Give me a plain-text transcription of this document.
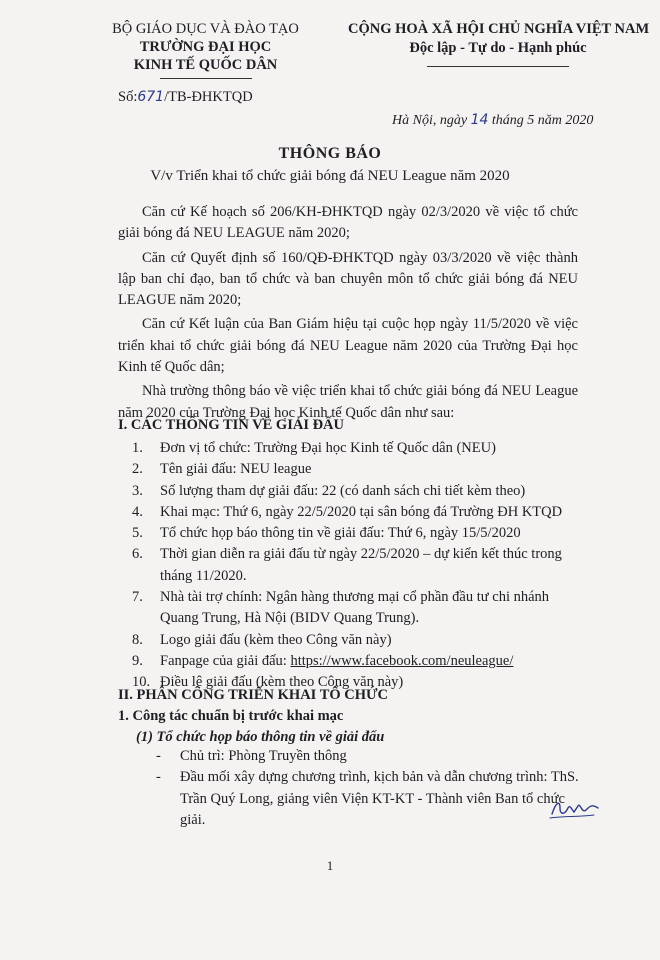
BỘ GIÁO DỤC VÀ ĐÀO TẠO
TRƯỜNG ĐẠI HỌC
KINH TẾ QUỐC DÂN
CỘNG HOÀ XÃ HỘI CHỦ NGHĨA VIỆT NAM
Độc lập - Tự do - Hạnh phúc
Số:671/TB-ĐHKTQD
Hà Nội, ngày 14 tháng 5 năm 2020
THÔNG BÁO
V/v Triển khai tổ chức giải bóng đá NEU League năm 2020

Căn cứ Kế hoạch số 206/KH-ĐHKTQD ngày 02/3/2020 về việc tổ chức giải bóng đá NEU LEAGUE năm 2020;

Căn cứ Quyết định số 160/QĐ-ĐHKTQD ngày 03/3/2020 về việc thành lập ban chỉ đạo, ban tổ chức và ban chuyên môn tổ chức giải bóng đá NEU LEAGUE năm 2020;

Căn cứ Kết luận của Ban Giám hiệu tại cuộc họp ngày 11/5/2020 về việc triển khai tổ chức giải bóng đá NEU League năm 2020 của Trường Đại học Kinh tế Quốc dân;

Nhà trường thông báo về việc triển khai tổ chức giải bóng đá NEU League năm 2020 của Trường Đại học Kinh tế Quốc dân như sau:

I. CÁC THÔNG TIN VỀ GIẢI ĐẤU
1.	Đơn vị tổ chức: Trường Đại học Kinh tế Quốc dân (NEU)
2.	Tên giải đấu: NEU league
3.	Số lượng tham dự giải đấu: 22 (có danh sách chi tiết kèm theo)
4.	Khai mạc: Thứ 6, ngày 22/5/2020 tại sân bóng đá Trường ĐH KTQD
5.	Tổ chức họp báo thông tin về giải đấu: Thứ 6, ngày 15/5/2020
6.	Thời gian diễn ra giải đấu từ ngày 22/5/2020 – dự kiến kết thúc trong tháng 11/2020.
7.	Nhà tài trợ chính: Ngân hàng thương mại cổ phần đầu tư chi nhánh Quang Trung, Hà Nội (BIDV Quang Trung).
8.	Logo giải đấu (kèm theo Công văn này)
9.	Fanpage của giải đấu: https://www.facebook.com/neuleague/
10. Điều lệ giải đấu (kèm theo Công văn này)
II. PHÂN CÔNG TRIỂN KHAI TỔ CHỨC
1. Công tác chuẩn bị trước khai mạc
(1) Tổ chức họp báo thông tin về giải đấu
-	Chủ trì: Phòng Truyền thông
-	Đầu mối xây dựng chương trình, kịch bản và dẫn chương trình: ThS. Trần Quý Long, giảng viên Viện KT-KT - Thành viên Ban tổ chức giải.
1
